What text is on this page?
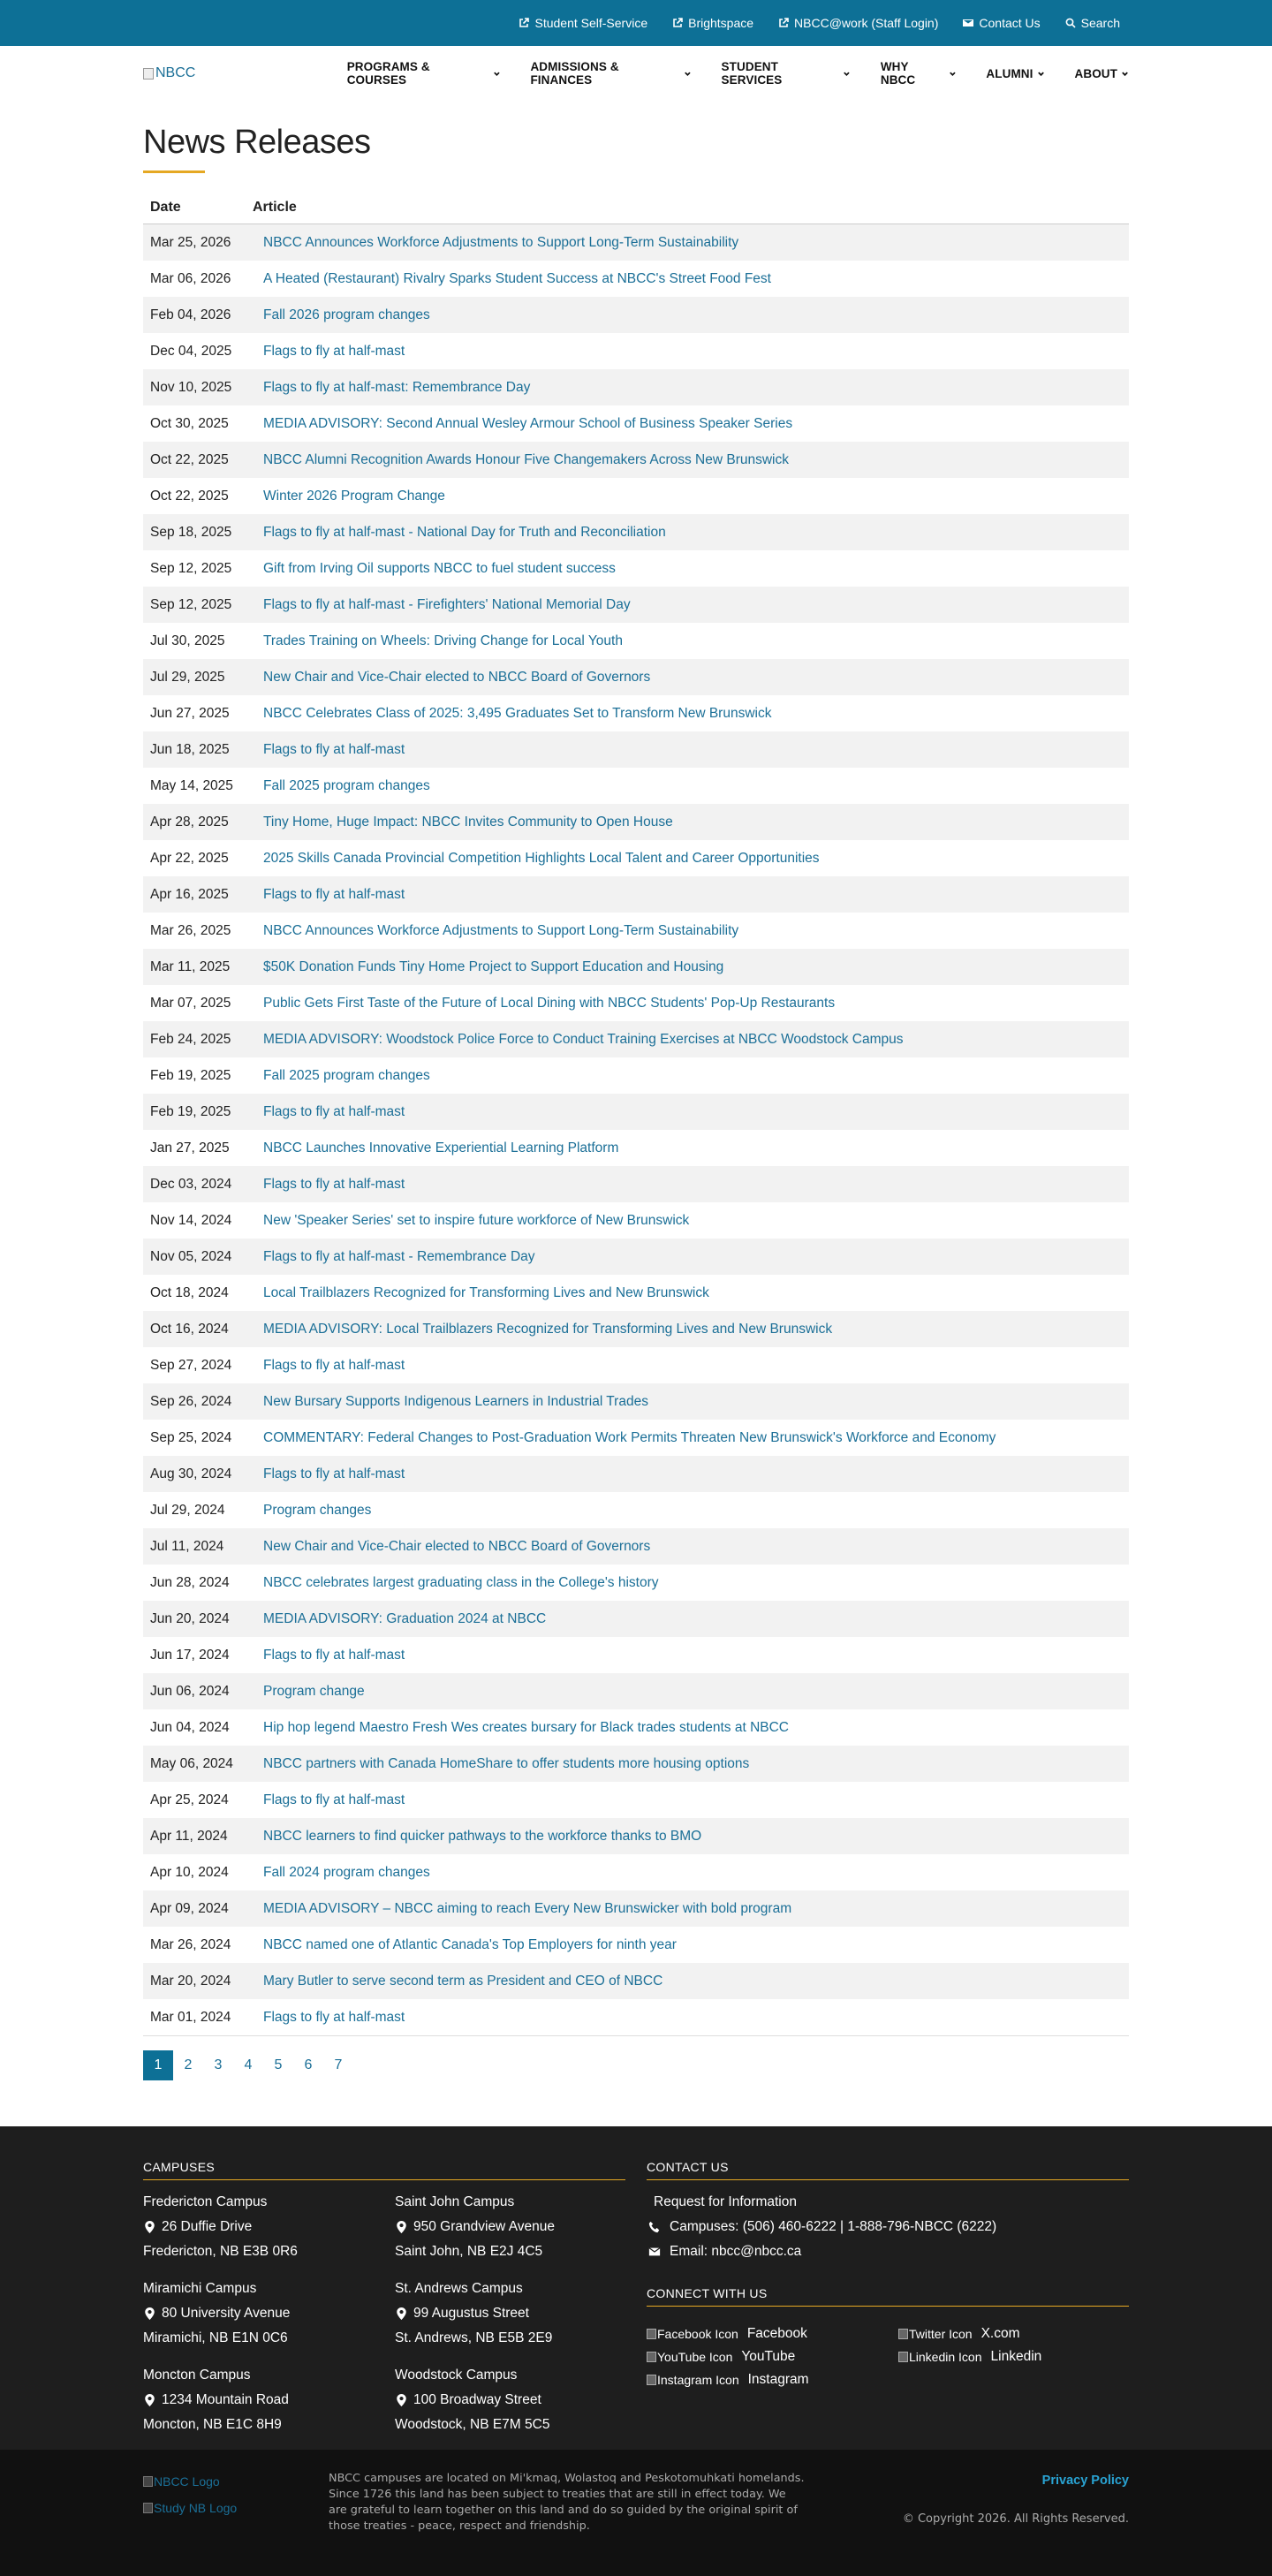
Student Self-Service	Brightspace	NBCC@work (Staff Login)	Contact Us	Search
NBCC	PROGRAMS & COURSES
ADMISSIONS & FINANCES
STUDENT SERVICES
WHY NBCC	ALUMNI	ABOUT
News Releases
Date	Article
Mar 25, 2026	NBCC Announces Workforce Adjustments to Support Long-Term Sustainability
Mar 06, 2026	A Heated (Restaurant) Rivalry Sparks Student Success at NBCC's Street Food Fest
Feb 04, 2026	Fall 2026 program changes
Dec 04, 2025	Flags to fly at half-mast
Nov 10, 2025	Flags to fly at half-mast: Remembrance Day
Oct 30, 2025	MEDIA ADVISORY: Second Annual Wesley Armour School of Business Speaker Series
Oct 22, 2025	NBCC Alumni Recognition Awards Honour Five Changemakers Across New Brunswick
Oct 22, 2025	Winter 2026 Program Change
Sep 18, 2025	Flags to fly at half-mast - National Day for Truth and Reconciliation
Sep 12, 2025	Gift from Irving Oil supports NBCC to fuel student success
Sep 12, 2025	Flags to fly at half-mast - Firefighters' National Memorial Day
Jul 30, 2025	Trades Training on Wheels: Driving Change for Local Youth
Jul 29, 2025	New Chair and Vice-Chair elected to NBCC Board of Governors
Jun 27, 2025	NBCC Celebrates Class of 2025: 3,495 Graduates Set to Transform New Brunswick
Jun 18, 2025	Flags to fly at half-mast
May 14, 2025	Fall 2025 program changes
Apr 28, 2025	Tiny Home, Huge Impact: NBCC Invites Community to Open House
Apr 22, 2025	2025 Skills Canada Provincial Competition Highlights Local Talent and Career Opportunities
Apr 16, 2025	Flags to fly at half-mast
Mar 26, 2025	NBCC Announces Workforce Adjustments to Support Long-Term Sustainability
Mar 11, 2025	$50K Donation Funds Tiny Home Project to Support Education and Housing
Mar 07, 2025	Public Gets First Taste of the Future of Local Dining with NBCC Students' Pop-Up Restaurants
Feb 24, 2025	MEDIA ADVISORY: Woodstock Police Force to Conduct Training Exercises at NBCC Woodstock Campus
Feb 19, 2025	Fall 2025 program changes
Feb 19, 2025	Flags to fly at half-mast
Jan 27, 2025	NBCC Launches Innovative Experiential Learning Platform
Dec 03, 2024	Flags to fly at half-mast
Nov 14, 2024	New 'Speaker Series' set to inspire future workforce of New Brunswick
Nov 05, 2024	Flags to fly at half-mast - Remembrance Day
Oct 18, 2024	Local Trailblazers Recognized for Transforming Lives and New Brunswick
Oct 16, 2024	MEDIA ADVISORY: Local Trailblazers Recognized for Transforming Lives and New Brunswick
Sep 27, 2024	Flags to fly at half-mast
Sep 26, 2024	New Bursary Supports Indigenous Learners in Industrial Trades
Sep 25, 2024	COMMENTARY: Federal Changes to Post-Graduation Work Permits Threaten New Brunswick's Workforce and Economy
Aug 30, 2024	Flags to fly at half-mast
Jul 29, 2024	Program changes
Jul 11, 2024	New Chair and Vice-Chair elected to NBCC Board of Governors
Jun 28, 2024	NBCC celebrates largest graduating class in the College's history
Jun 20, 2024	MEDIA ADVISORY: Graduation 2024 at NBCC
Jun 17, 2024	Flags to fly at half-mast
Jun 06, 2024	Program change
Jun 04, 2024	Hip hop legend Maestro Fresh Wes creates bursary for Black trades students at NBCC
May 06, 2024	NBCC partners with Canada HomeShare to offer students more housing options
Apr 25, 2024	Flags to fly at half-mast
Apr 11, 2024	NBCC learners to find quicker pathways to the workforce thanks to BMO
Apr 10, 2024	Fall 2024 program changes
Apr 09, 2024	MEDIA ADVISORY – NBCC aiming to reach Every New Brunswicker with bold program
Mar 26, 2024	NBCC named one of Atlantic Canada's Top Employers for ninth year
Mar 20, 2024	Mary Butler to serve second term as President and CEO of NBCC
Mar 01, 2024	Flags to fly at half-mast
1	2	3	4	5	6	7
CAMPUSES
Fredericton Campus
26 Duffie Drive
Fredericton, NB E3B 0R6
Saint John Campus
950 Grandview Avenue
Saint John, NB E2J 4C5
Miramichi Campus
80 University Avenue
Miramichi, NB E1N 0C6
St. Andrews Campus
99 Augustus Street
St. Andrews, NB E5B 2E9
Moncton Campus
1234 Mountain Road
Moncton, NB E1C 8H9
Woodstock Campus
100 Broadway Street
Woodstock, NB E7M 5C5
CONTACT US
Request for Information
Campuses: (506) 460-6222 | 1-888-796-NBCC (6222)
Email: nbcc@nbcc.ca
CONNECT WITH US
Facebook Icon Facebook	Twitter Icon X.com
YouTube Icon YouTube	Linkedin Icon Linkedin
Instagram Icon Instagram
NBCC Logo
Study NB Logo

NBCC campuses are located on Mi'kmaq, Wolastoq and Peskotomuhkati homelands. Since 1726 this land has been subject to treaties that are still in effect today. We are grateful to learn together on this land and do so guided by the original spirit of those treaties - peace, respect and friendship.

Privacy Policy
© Copyright 2026. All Rights Reserved.
